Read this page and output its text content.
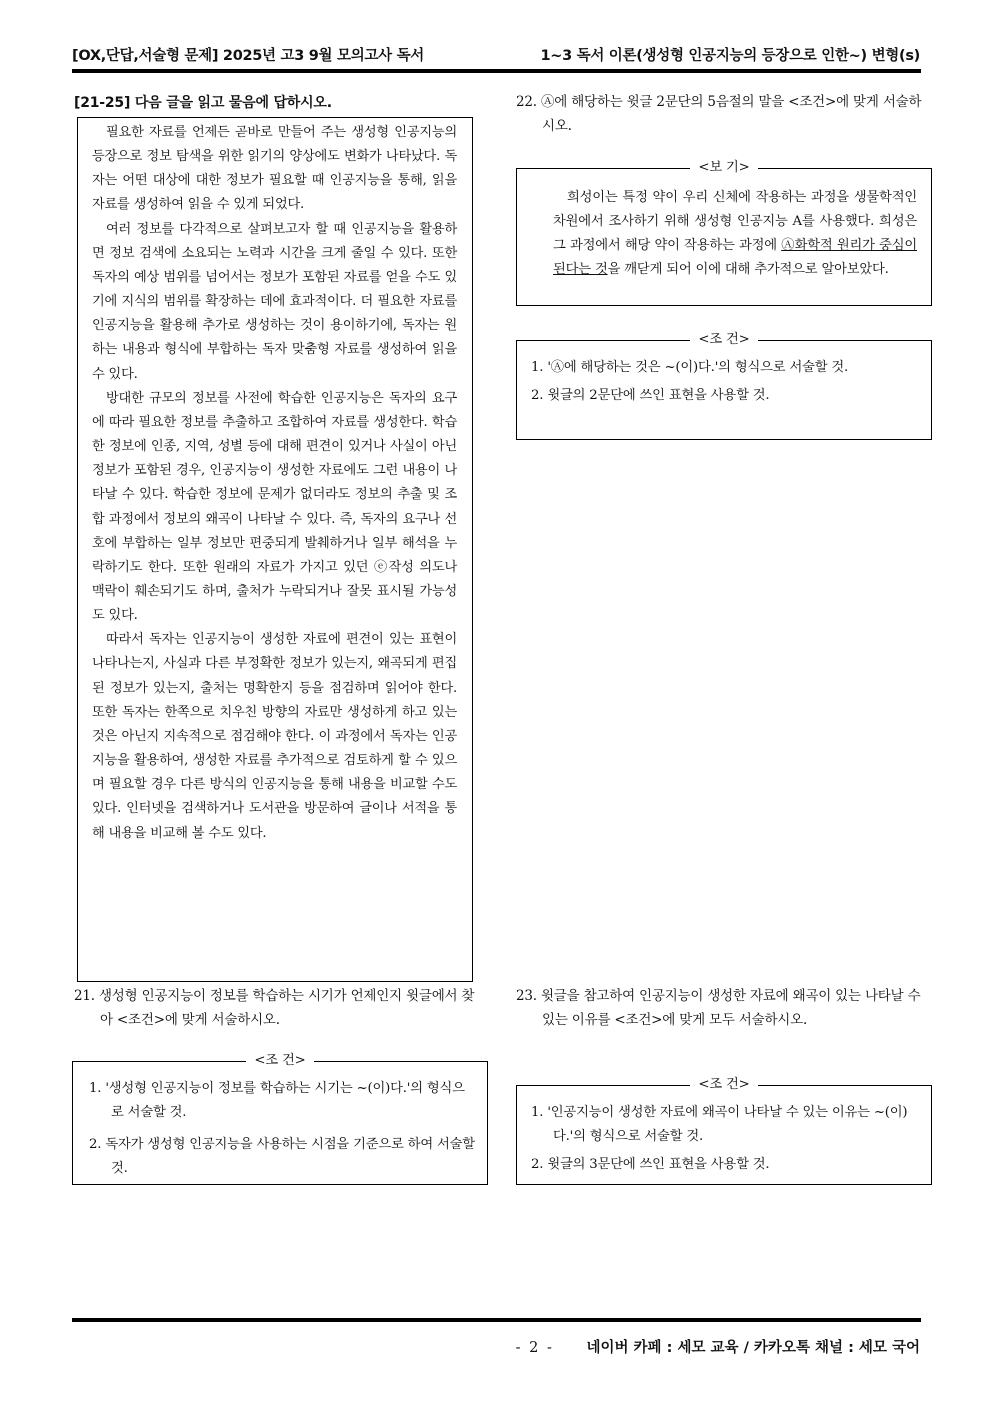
[OX,단답,서술형 문제] 2025년 고3 9월 모의고사 독서	1~3 독서 이론(생성형 인공지능의 등장으로 인한~) 변형(s)
[21-25] 다음 글을 읽고 물음에 답하시오.

필요한 자료를 언제든 곧바로 만들어 주는 생성형 인공지능의 등장으로 정보 탐색을 위한 읽기의 양상에도 변화가 나타났다. 독자는 어떤 대상에 대한 정보가 필요할 때 인공지능을 통해, 읽을 자료를 생성하여 읽을 수 있게 되었다.

여러 정보를 다각적으로 살펴보고자 할 때 인공지능을 활용하면 정보 검색에 소요되는 노력과 시간을 크게 줄일 수 있다. 또한 독자의 예상 범위를 넘어서는 정보가 포함된 자료를 얻을 수도 있기에 지식의 범위를 확장하는 데에 효과적이다. 더 필요한 자료를 인공지능을 활용해 추가로 생성하는 것이 용이하기에, 독자는 원하는 내용과 형식에 부합하는 독자 맞춤형 자료를 생성하여 읽을 수 있다.

방대한 규모의 정보를 사전에 학습한 인공지능은 독자의 요구에 따라 필요한 정보를 추출하고 조합하여 자료를 생성한다. 학습한 정보에 인종, 지역, 성별 등에 대해 편견이 있거나 사실이 아닌 정보가 포함된 경우, 인공지능이 생성한 자료에도 그런 내용이 나타날 수 있다. 학습한 정보에 문제가 없더라도 정보의 추출 및 조합 과정에서 정보의 왜곡이 나타날 수 있다. 즉, 독자의 요구나 선호에 부합하는 일부 정보만 편중되게 발췌하거나 일부 해석을 누락하기도 한다. 또한 원래의 자료가 가지고 있던 ⓔ작성 의도나 맥락이 훼손되기도 하며, 출처가 누락되거나 잘못 표시될 가능성도 있다.

따라서 독자는 인공지능이 생성한 자료에 편견이 있는 표현이 나타나는지, 사실과 다른 부정확한 정보가 있는지, 왜곡되게 편집된 정보가 있는지, 출처는 명확한지 등을 점검하며 읽어야 한다. 또한 독자는 한쪽으로 치우친 방향의 자료만 생성하게 하고 있는 것은 아닌지 지속적으로 점검해야 한다. 이 과정에서 독자는 인공지능을 활용하여, 생성한 자료를 추가적으로 검토하게 할 수 있으며 필요할 경우 다른 방식의 인공지능을 통해 내용을 비교할 수도 있다. 인터넷을 검색하거나 도서관을 방문하여 글이나 서적을 통해 내용을 비교해 볼 수도 있다.

21. 생성형 인공지능이 정보를 학습하는 시기가 언제인지 윗글에서 찾아 <조건>에 맞게 서술하시오.
<조 건>
1. '생성형 인공지능이 정보를 학습하는 시기는 ~(이)다.'의 형식으로 서술할 것.
2. 독자가 생성형 인공지능을 사용하는 시점을 기준으로 하여 서술할 것.
22. Ⓐ에 해당하는 윗글 2문단의 5음절의 말을 <조건>에 맞게 서술하시오.
<보 기>
희성이는 특정 약이 우리 신체에 작용하는 과정을 생물학적인 차원에서 조사하기 위해 생성형 인공지능 A를 사용했다. 희성은 그 과정에서 해당 약이 작용하는 과정에 Ⓐ화학적 원리가 중심이 된다는 것을 깨닫게 되어 이에 대해 추가적으로 알아보았다.
<조 건>
1. 'Ⓐ에 해당하는 것은 ~(이)다.'의 형식으로 서술할 것.
2. 윗글의 2문단에 쓰인 표현을 사용할 것.
23. 윗글을 참고하여 인공지능이 생성한 자료에 왜곡이 있는 나타날 수 있는 이유를 <조건>에 맞게 모두 서술하시오.
<조 건>
1. '인공지능이 생성한 자료에 왜곡이 나타날 수 있는 이유는 ~(이)다.'의 형식으로 서술할 것.
2. 윗글의 3문단에 쓰인 표현을 사용할 것.
- 2 - 네이버 카페 : 세모 교육 / 카카오톡 채널 : 세모 국어
